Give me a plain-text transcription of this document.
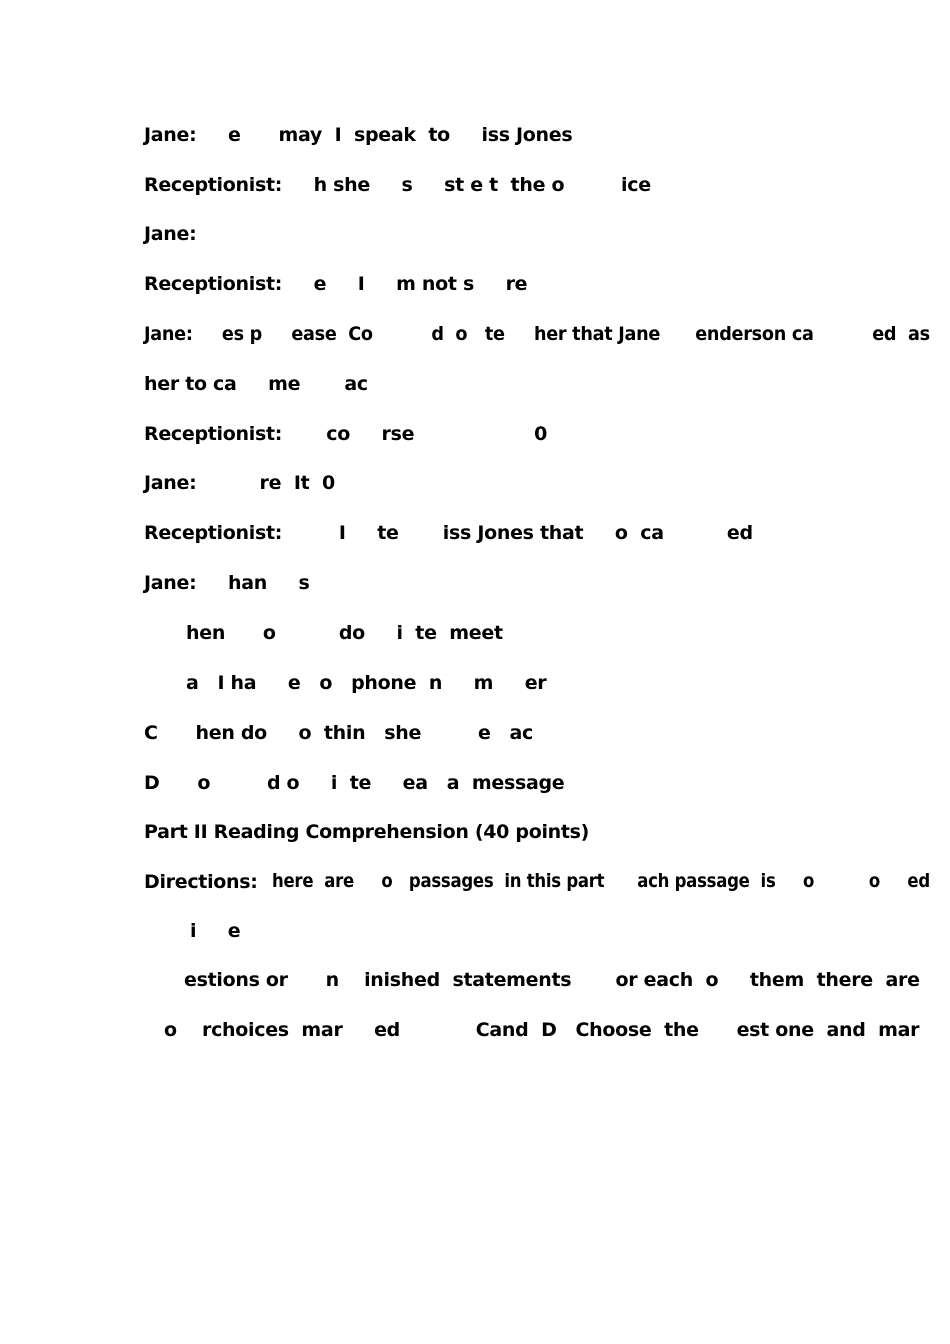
Jane:     e      may  I  speak  to     iss Jones
Receptionist:     h she     s     st e t  the o         ice
Jane:
Receptionist:     e     I     m not s     re
Jane:     es p     ease  Co          d  o   te     her that Jane      enderson ca          ed  as
her to ca     me       ac
Receptionist:       co     rse                   0
Jane:          re  It  0
Receptionist:         I     te       iss Jones that     o  ca          ed
Jane:     han     s
hen      o          do     i  te  meet
a   I ha     e   o   phone  n     m     er
C      hen do     o  thin   she         e   ac
D      o         d o     i  te     ea   a  message
Part II Reading Comprehension (40 points)
Directions: here  are     o   passages  in this part      ach passage  is     o          o     ed
i     e
estions or      n    inished  statements       or each  o     them  there  are
o    rchoices  mar     ed            Cand  D   Choose  the      est one  and  mar
